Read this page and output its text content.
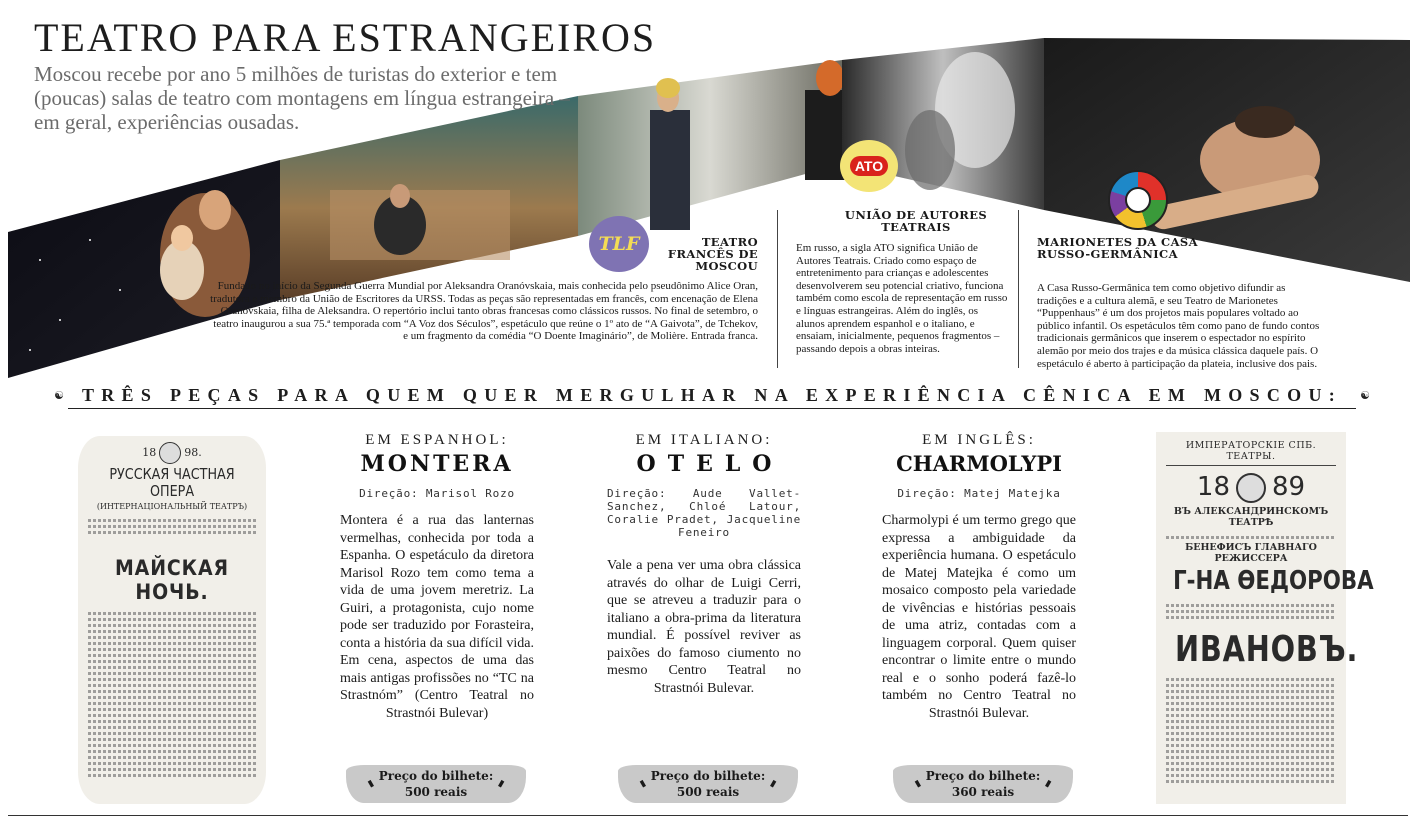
TLF
ATO
TEATRO PARA ESTRANGEIROS

Moscou recebe por ano 5 milhões de turistas do exterior e tem (poucas) salas de teatro com montagens em língua estrangeira – em geral, experiências ousadas.

TEATRO FRANCÊS DE MOSCOU

Fundado no início da Segunda Guerra Mundial por Aleksandra Oranóvskaia, mais conhecida pelo pseudônimo Alice Oran, tradutora e membro da União de Escritores da URSS. Todas as peças são representadas em francês, com encenação de Elena Oranóvskaia, filha de Aleksandra. O repertório inclui tanto obras francesas como clássicos russos. No final de setembro, o teatro inaugurou a sua 75.ª temporada com “A Voz dos Séculos”, espetáculo que reúne o 1º ato de “A Gaivota”, de Tchekov, e um fragmento da comédia “O Doente Imaginário”, de Molière. Entrada franca.

UNIÃO DE AUTORES TEATRAIS

Em russo, a sigla ATO significa União de Autores Teatrais. Criado como espaço de entretenimento para crianças e adolescentes desenvolverem seu potencial criativo, funciona também como escola de representação em russo e línguas estrangeiras. Além do inglês, os alunos aprendem espanhol e o italiano, e ensaiam, inicialmente, pequenos fragmentos – passando depois a obras inteiras.

MARIONETES DA CASA RUSSO-GERMÂNICA

A Casa Russo-Germânica tem como objetivo difundir as tradições e a cultura alemã, e seu Teatro de Marionetes “Puppenhaus” é um dos projetos mais populares voltado ao público infantil. Os espetáculos têm como pano de fundo contos tradicionais germânicos que inserem o espectador no espírito alemão por meio dos trajes e da música clássica daquele país. O espetáculo é aberto à participação da plateia, inclusive dos pais.

☯	TRÊS PEÇAS PARA QUEM QUER MERGULHAR NA EXPERIÊNCIA CÊNICA EM MOSCOU:	☯
18	98.
РУССКАЯ ЧАСТНАЯ ОПЕРА
(ИНТЕРНАЦІОНАЛЬНЫЙ ТЕАТРЪ)
МАЙСКАЯ НОЧЬ.
EM ESPANHOL:
MONTERA
Direção: Marisol Rozo

Montera é a rua das lanternas vermelhas, conhecida por toda a Espanha. O espetáculo da diretora Marisol Rozo tem como tema a vida de uma jovem meretriz. La Guiri, a protagonista, cujo nome pode ser traduzido por Forasteira, conta a história da sua difícil vida. Em cena, aspectos de uma das mais antigas profissões no “TC na Strastnóm” (Centro Teatral no Strastnói Bulevar)

▮
Preço do bilhete:
500 reais
▮
EM ITALIANO:
OTELO
Direção: Aude Vallet-Sanchez, Chloé Latour, Coralie Pradet, Jacqueline Feneiro

Vale a pena ver uma obra clássica através do olhar de Luigi Cerri, que se atreveu a traduzir para o italiano a obra-prima da literatura mundial. É possível reviver as paixões do famoso ciumento no mesmo Centro Teatral no Strastnói Bulevar.

▮
Preço do bilhete:
500 reais
▮
EM INGLÊS:
CHARMOLYPI
Direção: Matej Matejka

Charmolypi é um termo grego que expressa a ambiguidade da experiência humana. O espetáculo de Matej Matejka é como um mosaico composto pela variedade de vivências e histórias pessoais de uma atriz, contadas com a linguagem corporal. Quem quiser encontrar o limite entre o mundo real e o sonho poderá fazê-lo também no Centro Teatral no Strastnói Bulevar.

▮
Preço do bilhete:
360 reais
▮
ИМПЕРАТОРСКІЕ СПБ. ТЕАТРЫ.
18 89
ВЪ АЛЕКСАНДРИНСКОМЪ ТЕАТРѢ
БЕНЕФИСЪ ГЛАВНАГО РЕЖИССЕРА
Г-НА ѲЕДОРОВА
ИВАНОВЪ.
